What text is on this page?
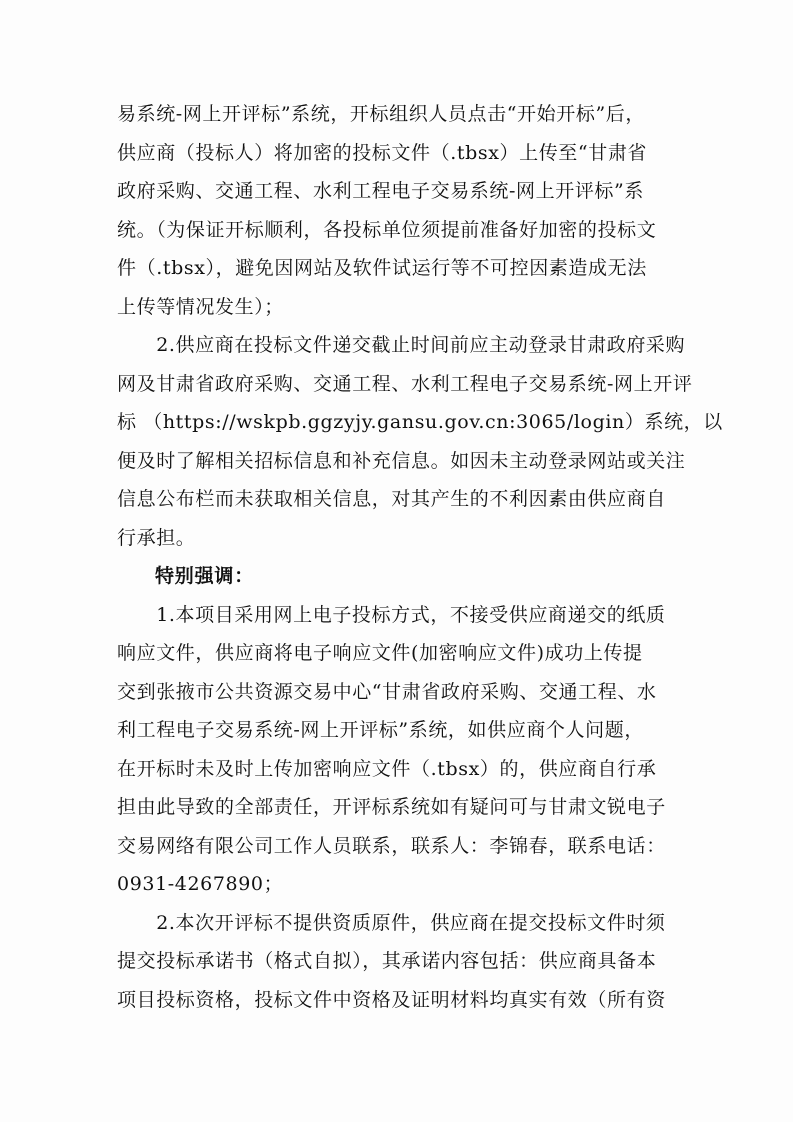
易系统-网上开评标”系统，开标组织人员点击“开始开标”后，
供应商（投标人）将加密的投标文件（.tbsx）上传至“甘肃省
政府采购、交通工程、水利工程电子交易系统-网上开评标”系
统。（为保证开标顺利，各投标单位须提前准备好加密的投标文
件（.tbsx），避免因网站及软件试运行等不可控因素造成无法
上传等情况发生）；
　　2.供应商在投标文件递交截止时间前应主动登录甘肃政府采购
网及甘肃省政府采购、交通工程、水利工程电子交易系统-网上开评
标 （https://wskpb.ggzyjy.gansu.gov.cn:3065/login）系统，以
便及时了解相关招标信息和补充信息。如因未主动登录网站或关注
信息公布栏而未获取相关信息，对其产生的不利因素由供应商自
行承担。
特别强调：
　　1.本项目采用网上电子投标方式，不接受供应商递交的纸质
响应文件，供应商将电子响应文件(加密响应文件)成功上传提
交到张掖市公共资源交易中心“甘肃省政府采购、交通工程、水
利工程电子交易系统-网上开评标”系统，如供应商个人问题，
在开标时未及时上传加密响应文件（.tbsx）的，供应商自行承
担由此导致的全部责任，开评标系统如有疑问可与甘肃文锐电子
交易网络有限公司工作人员联系，联系人：李锦春，联系电话：
0931-4267890；
　　2.本次开评标不提供资质原件，供应商在提交投标文件时须
提交投标承诺书（格式自拟），其承诺内容包括：供应商具备本
项目投标资格，投标文件中资格及证明材料均真实有效（所有资
